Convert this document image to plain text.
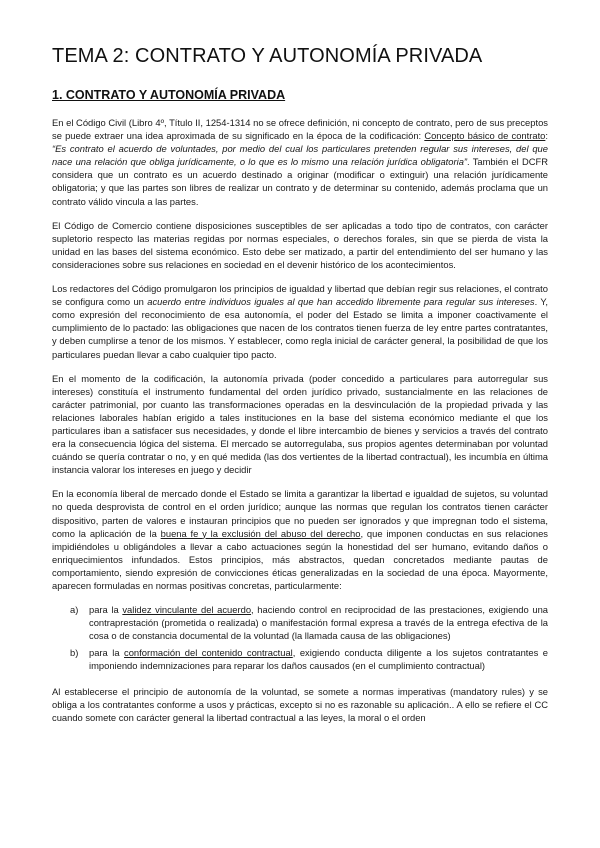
TEMA 2: CONTRATO Y AUTONOMÍA PRIVADA
1. CONTRATO Y AUTONOMÍA PRIVADA

En el Código Civil (Libro 4º, Título II, 1254-1314 no se ofrece definición, ni concepto de contrato, pero de sus preceptos se puede extraer una idea aproximada de su significado en la época de la codificación: Concepto básico de contrato: “Es contrato el acuerdo de voluntades, por medio del cual los particulares pretenden regular sus intereses, del que nace una relación que obliga jurídicamente, o lo que es lo mismo una relación jurídica obligatoria”. También el DCFR considera que un contrato es un acuerdo destinado a originar (modificar o extinguir) una relación jurídicamente obligatoria; y que las partes son libres de realizar un contrato y de determinar su contenido, además proclama que un contrato válido vincula a las partes.

El Código de Comercio contiene disposiciones susceptibles de ser aplicadas a todo tipo de contratos, con carácter supletorio respecto las materias regidas por normas especiales, o derechos forales, sin que se pierda de vista la unidad en las bases del sistema económico. Esto debe ser matizado, a partir del entendimiento del ser humano y las consideraciones sobre sus relaciones en sociedad en el devenir histórico de los acontecimientos.

Los redactores del Código promulgaron los principios de igualdad y libertad que debían regir sus relaciones, el contrato se configura como un acuerdo entre individuos iguales al que han accedido libremente para regular sus intereses. Y, como expresión del reconocimiento de esa autonomía, el poder del Estado se limita a imponer coactivamente el cumplimiento de lo pactado: las obligaciones que nacen de los contratos tienen fuerza de ley entre partes contratantes, y deben cumplirse a tenor de los mismos. Y establecer, como regla inicial de carácter general, la posibilidad de que los particulares puedan llevar a cabo cualquier tipo pacto.

En el momento de la codificación, la autonomía privada (poder concedido a particulares para autorregular sus intereses) constituía el instrumento fundamental del orden jurídico privado, sustancialmente en las relaciones de carácter patrimonial, por cuanto las transformaciones operadas en la desvinculación de la propiedad privada y las relaciones laborales habían erigido a tales instituciones en la base del sistema económico mediante el que los particulares iban a satisfacer sus necesidades, y donde el libre intercambio de bienes y servicios a través del contrato era la consecuencia lógica del sistema. El mercado se autorregulaba, sus propios agentes determinaban por voluntad cuándo se quería contratar o no, y en qué medida (las dos vertientes de la libertad contractual), les incumbía en última instancia valorar los intereses en juego y decidir

En la economía liberal de mercado donde el Estado se limita a garantizar la libertad e igualdad de sujetos, su voluntad no queda desprovista de control en el orden jurídico; aunque las normas que regulan los contratos tienen carácter dispositivo, parten de valores e instauran principios que no pueden ser ignorados y que impregnan todo el sistema, como la aplicación de la buena fe y la exclusión del abuso del derecho, que imponen conductas en sus relaciones impidiéndoles u obligándoles a llevar a cabo actuaciones según la honestidad del ser humano, evitando daños o enriquecimientos infundados. Estos principios, más abstractos, quedan concretados mediante pautas de comportamiento, siendo expresión de convicciones éticas generalizadas en la sociedad de una época. Mayormente, aparecen formuladas en normas positivas concretas, particularmente:

a) para la validez vinculante del acuerdo, haciendo control en reciprocidad de las prestaciones, exigiendo una contraprestación (prometida o realizada) o manifestación formal expresa a través de la entrega efectiva de la cosa o de constancia documental de la voluntad (la llamada causa de las obligaciones)
b) para la conformación del contenido contractual, exigiendo conducta diligente a los sujetos contratantes e imponiendo indemnizaciones para reparar los daños causados (en el cumplimiento contractual)

Al establecerse el principio de autonomía de la voluntad, se somete a normas imperativas (mandatory rules) y se obliga a los contratantes conforme a usos y prácticas, excepto si no es razonable su aplicación.. A ello se refiere el CC cuando somete con carácter general la libertad contractual a las leyes, la moral o el orden
